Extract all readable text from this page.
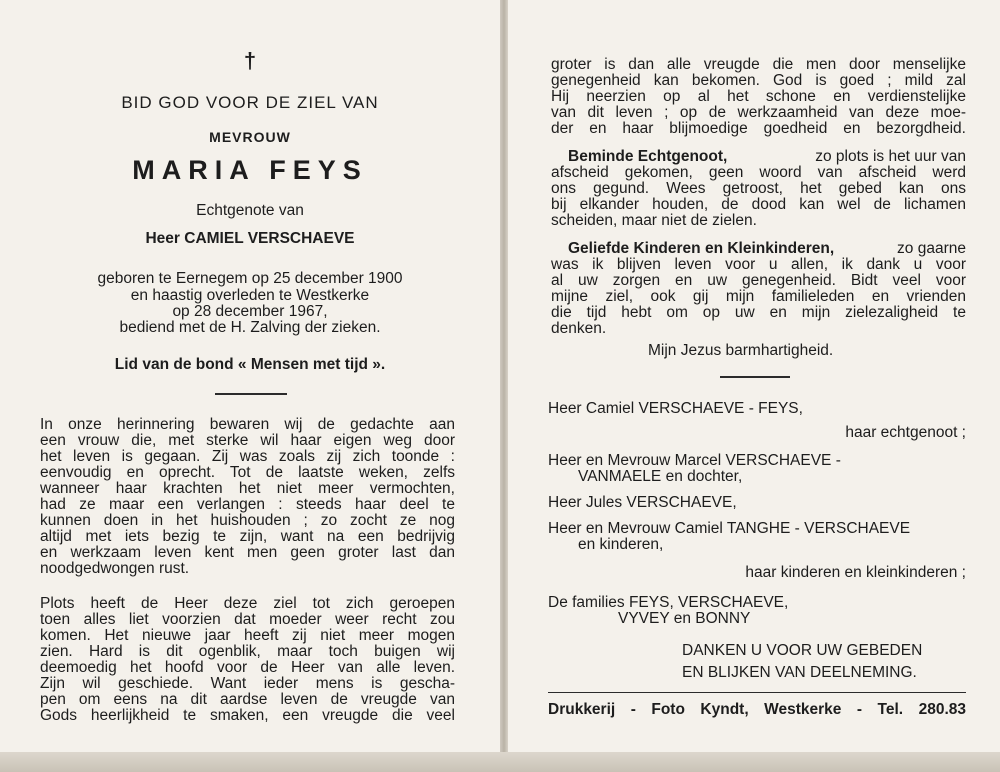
†
BID GOD VOOR DE ZIEL VAN
MEVROUW
MARIA FEYS
Echtgenote van
Heer CAMIEL VERSCHAEVE
geboren te Eernegem op 25 december 1900
en haastig overleden te Westkerke
op 28 december 1967,
bediend met de H. Zalving der zieken.
Lid van de bond « Mensen met tijd ».
In onze herinnering bewaren wij de gedachte aan
een vrouw die, met sterke wil haar eigen weg door
het leven is gegaan. Zij was zoals zij zich toonde :
eenvoudig en oprecht. Tot de laatste weken, zelfs
wanneer haar krachten het niet meer vermochten,
had ze maar een verlangen : steeds haar deel te
kunnen doen in het huishouden ; zo zocht ze nog
altijd met iets bezig te zijn, want na een bedrijvig
en werkzaam leven kent men geen groter last dan
noodgedwongen rust.
Plots heeft de Heer deze ziel tot zich geroepen
toen alles liet voorzien dat moeder weer recht zou
komen. Het nieuwe jaar heeft zij niet meer mogen
zien. Hard is dit ogenblik, maar toch buigen wij
deemoedig het hoofd voor de Heer van alle leven.
Zijn wil geschiede. Want ieder mens is gescha-
pen om eens na dit aardse leven de vreugde van
Gods heerlijkheid te smaken, een vreugde die veel
groter is dan alle vreugde die men door menselijke
genegenheid kan bekomen. God is goed ; mild zal
Hij neerzien op al het schone en verdienstelijke
van dit leven ; op de werkzaamheid van deze moe-
der en haar blijmoedige goedheid en bezorgdheid.
Beminde Echtgenoot,	zo plots is het uur van
afscheid gekomen, geen woord van afscheid werd
ons gegund. Wees getroost, het gebed kan ons
bij elkander houden, de dood kan wel de lichamen
scheiden, maar niet de zielen.
Geliefde Kinderen en Kleinkinderen,	zo gaarne
was ik blijven leven voor u allen, ik dank u voor
al uw zorgen en uw genegenheid. Bidt veel voor
mijne ziel, ook gij mijn familieleden en vrienden
die tijd hebt om op uw en mijn zielezaligheid te
denken.
Mijn Jezus barmhartigheid.
Heer Camiel VERSCHAEVE - FEYS,
haar echtgenoot ;
Heer en Mevrouw Marcel VERSCHAEVE -
VANMAELE en dochter,
Heer Jules VERSCHAEVE,
Heer en Mevrouw Camiel TANGHE - VERSCHAEVE
en kinderen,
haar kinderen en kleinkinderen ;
De families FEYS, VERSCHAEVE,
VYVEY en BONNY
DANKEN U VOOR UW GEBEDEN
EN BLIJKEN VAN DEELNEMING.
Drukkerij - Foto Kyndt, Westkerke - Tel. 280.83
